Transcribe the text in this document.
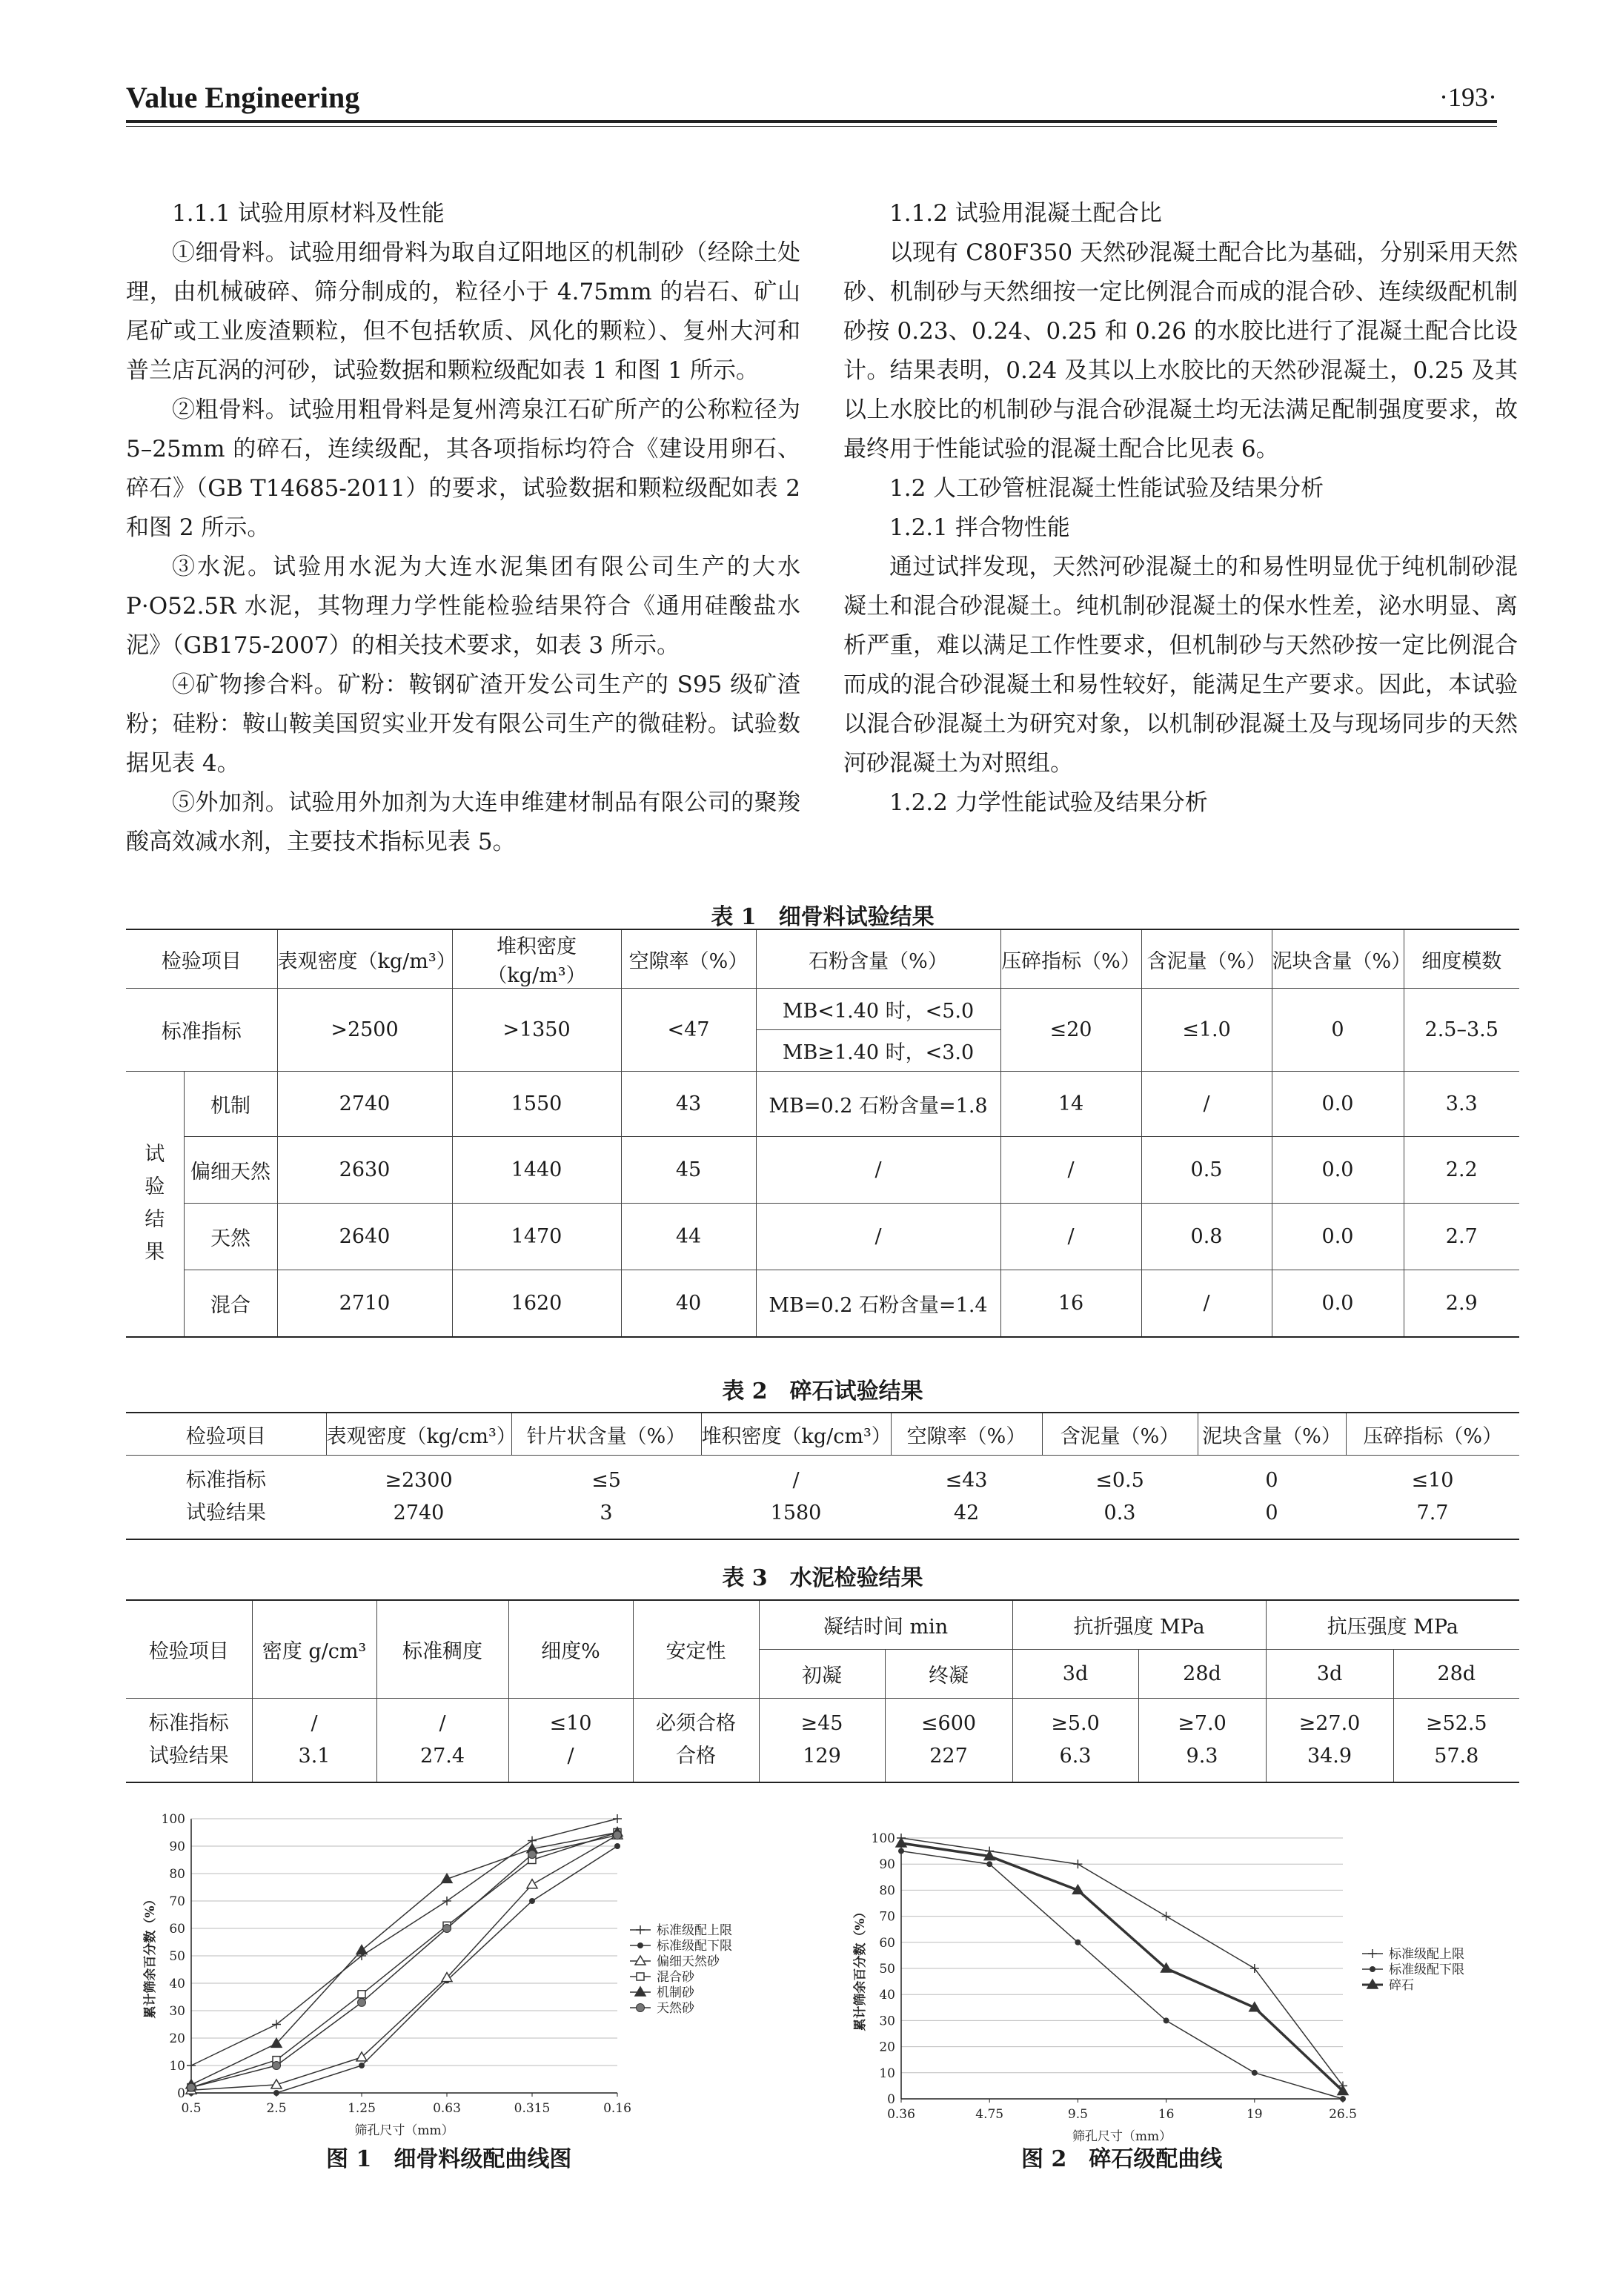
Value Engineering	·193·

1.1.1 试验用原材料及性能

①细骨料。试验用细骨料为取自辽阳地区的机制砂（经除土处理，由机械破碎、筛分制成的，粒径小于 4.75mm 的岩石、矿山尾矿或工业废渣颗粒，但不包括软质、风化的颗粒）、复州大河和普兰店瓦涡的河砂，试验数据和颗粒级配如表 1 和图 1 所示。

②粗骨料。试验用粗骨料是复州湾泉江石矿所产的公称粒径为 5–25mm 的碎石，连续级配，其各项指标均符合《建设用卵石、碎石》（GB T14685-2011）的要求，试验数据和颗粒级配如表 2 和图 2 所示。

③水泥。试验用水泥为大连水泥集团有限公司生产的大水 P·O52.5R 水泥，其物理力学性能检验结果符合《通用硅酸盐水泥》（GB175-2007）的相关技术要求，如表 3 所示。

④矿物掺合料。矿粉：鞍钢矿渣开发公司生产的 S95 级矿渣粉；硅粉：鞍山鞍美国贸实业开发有限公司生产的微硅粉。试验数据见表 4。

⑤外加剂。试验用外加剂为大连申维建材制品有限公司的聚羧酸高效减水剂，主要技术指标见表 5。

1.1.2 试验用混凝土配合比

以现有 C80F350 天然砂混凝土配合比为基础，分别采用天然砂、机制砂与天然细按一定比例混合而成的混合砂、连续级配机制砂按 0.23、0.24、0.25 和 0.26 的水胶比进行了混凝土配合比设计。结果表明，0.24 及其以上水胶比的天然砂混凝土，0.25 及其以上水胶比的机制砂与混合砂混凝土均无法满足配制强度要求，故最终用于性能试验的混凝土配合比见表 6。

1.2 人工砂管桩混凝土性能试验及结果分析

1.2.1 拌合物性能

通过试拌发现，天然河砂混凝土的和易性明显优于纯机制砂混凝土和混合砂混凝土。纯机制砂混凝土的保水性差，泌水明显、离析严重，难以满足工作性要求，但机制砂与天然砂按一定比例混合而成的混合砂混凝土和易性较好，能满足生产要求。因此，本试验以混合砂混凝土为研究对象，以机制砂混凝土及与现场同步的天然河砂混凝土为对照组。

1.2.2 力学性能试验及结果分析

表 1　细骨料试验结果
检验项目		表观密度（kg/m³）	堆积密度（kg/m³）	空隙率（%）	石粉含量（%）	压碎指标（%）	含泥量（%）	泥块含量（%）	细度模数
标准指标		>2500	>1350	<47	MB<1.40 时，<5.0	≤20	≤1.0	0	2.5–3.5
					MB≥1.40 时，<3.0				
试
验
结
果	机制	2740	1550	43	MB=0.2 石粉含量=1.8	14	/	0.0	3.3
	偏细天然	2630	1440	45	/	/	0.5	0.0	2.2
	天然	2640	1470	44	/	/	0.8	0.0	2.7
	混合	2710	1620	40	MB=0.2 石粉含量=1.4	16	/	0.0	2.9
表 2　碎石试验结果
检验项目	表观密度（kg/cm³）	针片状含量（%）	堆积密度（kg/cm³）	空隙率（%）	含泥量（%）	泥块含量（%）	压碎指标（%）
标准指标	≥2300	≤5	/	≤43	≤0.5	0	≤10
试验结果	2740	3	1580	42	0.3	0	7.7
表 3　水泥检验结果
检验项目	密度 g/cm³	标准稠度	细度%	安定性	凝结时间 min		抗折强度 MPa		抗压强度 MPa	
					初凝	终凝	3d	28d	3d	28d
标准指标	/	/	≤10	必须合格	≥45	≤600	≥5.0	≥7.0	≥27.0	≥52.5
试验结果	3.1	27.4	/	合格	129	227	6.3	9.3	34.9	57.8
0
10
20
30
40
50
60
70
80
90
100
0.5	2.5	1.25	0.63	0.315	0.16
筛孔尺寸（mm）
累计筛余百分数（%）	标准级配上限
标准级配下限
偏细天然砂
混合砂
机制砂
天然砂
图 1　细骨料级配曲线图
0
10
20
30
40
50
60
70
80
90
100
0.36	4.75	9.5	16	19	26.5
筛孔尺寸（mm）
累计筛余百分数（%）	标准级配上限
标准级配下限
碎石
图 2　碎石级配曲线
